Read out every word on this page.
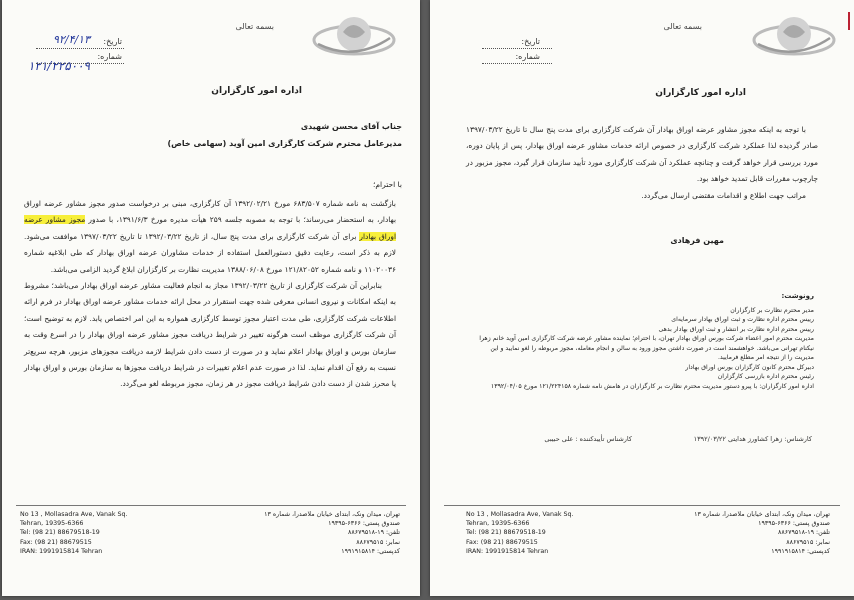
بسمه تعالی
تاریخ:
۹۲/۴/۱۳
شماره:
۱۲۱/۲۲۵۰۰۹
اداره امور کارگزاران
جناب آقای محسن شهیدی
مدیرعامل محترم شرکت کارگزاری امین آوید (سهامی خاص)
با احترام؛

بازگشت به نامه شماره ۶۸۳/۵۰۷ مورخ ۱۳۹۲/۰۲/۲۱ آن کارگزاری، مبنی بر درخواست صدور مجوز مشاور عرضه اوراق بهادار، به استحضار می‌رساند؛ با توجه به مصوبه جلسه ۲۵۹ هیأت مدیره مورخ ۱۳۹۱/۶/۳، با صدور مجوز مشاور عرضه اوراق بهادار برای آن شرکت کارگزاری برای مدت پنج سال، از تاریخ ۱۳۹۲/۰۳/۲۲ تا تاریخ ۱۳۹۷/۰۳/۲۲ موافقت می‌شود. لازم به ذکر است، رعایت دقیق دستورالعمل استفاده از خدمات مشاوران عرضه اوراق بهادار که طی ابلاغیه شماره ۱۱۰۲۰۰۳۶ و نامه شماره ۱۲۱/۸۲۰۵۲ مورخ ۱۳۸۸/۰۶/۰۸ مدیریت نظارت بر کارگزاران ابلاغ گردید الزامی می‌باشد.

بنابراین آن شرکت کارگزاری از تاریخ ۱۳۹۲/۰۳/۲۲ مجاز به انجام فعالیت مشاور عرضه اوراق بهادار می‌باشد؛ مشروط به اینکه امکانات و نیروی انسانی معرفی شده جهت استقرار در محل ارائه خدمات مشاور عرضه اوراق بهادار در فرم ارائه اطلاعات شرکت کارگزاری، طی مدت اعتبار مجوز توسط کارگزاری همواره به این امر اختصاص یابد. لازم به توضیح است؛ آن شرکت کارگزاری موظف است هرگونه تغییر در شرایط دریافت مجوز مشاور عرضه اوراق بهادار را در اسرع وقت به سازمان بورس و اوراق بهادار اعلام نماید و در صورت از دست دادن شرایط لازمه دریافت مجوزهای مزبور، هرچه سریع‌تر نسبت به رفع آن اقدام نماید. لذا در صورت عدم اعلام تغییرات در شرایط دریافت مجوزها به سازمان بورس و اوراق بهادار یا محرز شدن از دست دادن شرایط دریافت مجوز در هر زمان، مجوز مربوطه لغو می‌گردد.

No 13 , Mollasadra Ave, Vanak Sq.
Tehran, 19395-6366
Tel: (98 21) 88679518-19
Fax: (98 21) 88679515
IRAN: 1991915814 Tehran
تهران، میدان ونک، ابتدای خیابان ملاصدرا، شماره ۱۳
صندوق پستی: ۶۳۶۶-۱۹۳۹۵
تلفن: ۱۹-۸۸۶۷۹۵۱۸
نمابر: ۸۸۶۷۹۵۱۵
کدپستی: ۱۹۹۱۹۱۵۸۱۴
بسمه تعالی
تاریخ:
شماره:
اداره امور کارگزاران

با توجه به اینکه مجوز مشاور عرضه اوراق بهادار آن شرکت کارگزاری برای مدت پنج سال تا تاریخ ۱۳۹۷/۰۳/۲۲ صادر گردیده لذا عملکرد شرکت کارگزاری در خصوص ارائه خدمات مشاور عرضه اوراق بهادار، پس از پایان دوره، مورد بررسی قرار خواهد گرفت و چنانچه عملکرد آن شرکت کارگزاری مورد تأیید سازمان قرار گیرد، مجوز مزبور در چارچوب مقررات قابل تمدید خواهد بود.

مراتب جهت اطلاع و اقدامات مقتضی ارسال می‌گردد.

مهین فرهادی
رونوشت:

مدیر محترم نظارت بر کارگزاران

رییس محترم اداره نظارت و ثبت اوراق بهادار سرمایه‌ای

رییس محترم اداره نظارت بر انتشار و ثبت اوراق بهادار بدهی

مدیریت محترم امور اعضاء شرکت بورس اوراق بهادار تهران، با احترام؛ نماینده مشاور عرضه شرکت کارگزاری امین آوید خانم زهرا نیکنام تهرانی می‌باشد. خواهشمند است در صورت داشتن مجوز ورود به سالن و انجام معامله، مجوز مربوطه را لغو نمایید و این

مدیریت را از نتیجه امر مطلع فرمایید.

دبیرکل محترم کانون کارگزاران بورس اوراق بهادار

رئیس محترم اداره بازرسی کارگزاران

اداره امور کارگزاران: با پیرو دستور مدیریت محترم نظارت بر کارگزاران در هامش نامه شماره ۱۲۱/۲۲۴۱۵۸ مورخ ۱۳۹۲/۰۴/۰۵

کارشناس: زهرا کشاورز هدایتی ۱۳۹۲/۰۳/۲۲
کارشناس تأییدکننده : علی حبیبی
No 13 , Mollasadra Ave, Vanak Sq.
Tehran, 19395-6366
Tel: (98 21) 88679518-19
Fax: (98 21) 88679515
IRAN: 1991915814 Tehran
تهران، میدان ونک، ابتدای خیابان ملاصدرا، شماره ۱۳
صندوق پستی: ۶۳۶۶-۱۹۳۹۵
تلفن: ۱۹-۸۸۶۷۹۵۱۸
نمابر: ۸۸۶۷۹۵۱۵
کدپستی: ۱۹۹۱۹۱۵۸۱۴
